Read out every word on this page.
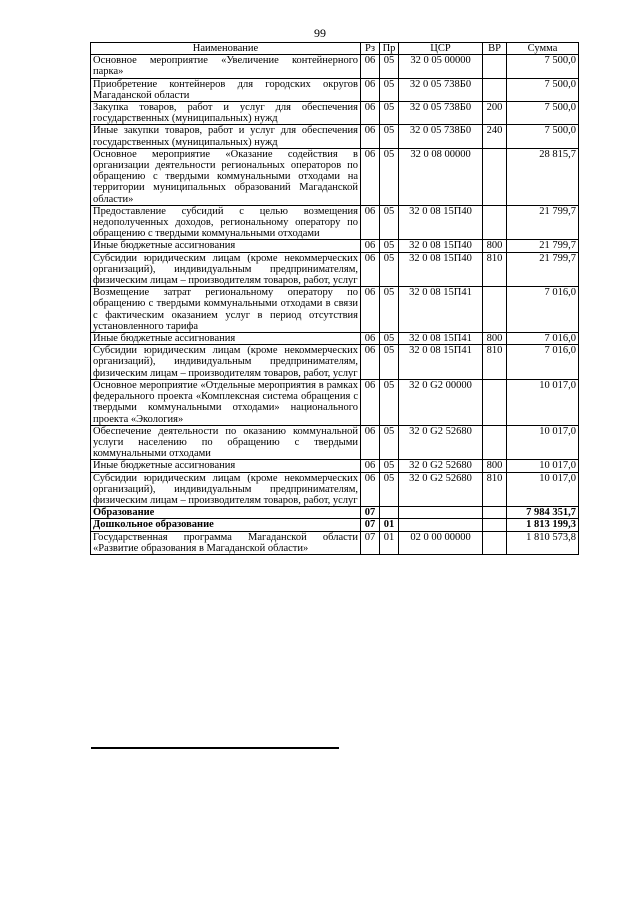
99
Наименование	Рз	Пр	ЦСР	ВР	Сумма
Основное мероприятие «Увеличение контейнерного парка»	06	05	32 0 05 00000		7 500,0
Приобретение контейнеров для городских округов Магаданской области	06	05	32 0 05 738Б0		7 500,0
Закупка товаров, работ и услуг для обеспечения государственных (муниципальных) нужд	06	05	32 0 05 738Б0	200	7 500,0
Иные закупки товаров, работ и услуг для обеспечения государственных (муниципальных) нужд	06	05	32 0 05 738Б0	240	7 500,0
Основное мероприятие «Оказание содействия в организации деятельности региональных операторов по обращению с твердыми коммунальными отходами на территории муниципальных образований Магаданской области»	06	05	32 0 08 00000		28 815,7
Предоставление субсидий с целью возмещения недополученных доходов, региональному оператору по обращению с твердыми коммунальными отходами	06	05	32 0 08 15П40		21 799,7
Иные бюджетные ассигнования	06	05	32 0 08 15П40	800	21 799,7
Субсидии юридическим лицам (кроме некоммерческих организаций), индивидуальным предпринимателям, физическим лицам – производителям товаров, работ, услуг	06	05	32 0 08 15П40	810	21 799,7
Возмещение затрат региональному оператору по обращению с твердыми коммунальными отходами в связи с фактическим оказанием услуг в период отсутствия установленного тарифа	06	05	32 0 08 15П41		7 016,0
Иные бюджетные ассигнования	06	05	32 0 08 15П41	800	7 016,0
Субсидии юридическим лицам (кроме некоммерческих организаций), индивидуальным предпринимателям, физическим лицам – производителям товаров, работ, услуг	06	05	32 0 08 15П41	810	7 016,0
Основное мероприятие «Отдельные мероприятия в рамках федерального проекта «Комплексная система обращения с твердыми коммунальными отходами» национального проекта «Экология»	06	05	32 0 G2 00000		10 017,0
Обеспечение деятельности по оказанию коммунальной услуги населению по обращению с твердыми коммунальными отходами	06	05	32 0 G2 52680		10 017,0
Иные бюджетные ассигнования	06	05	32 0 G2 52680	800	10 017,0
Субсидии юридическим лицам (кроме некоммерческих организаций), индивидуальным предпринимателям, физическим лицам – производителям товаров, работ, услуг	06	05	32 0 G2 52680	810	10 017,0
Образование	07				7 984 351,7
Дошкольное образование	07	01			1 813 199,3
Государственная программа Магаданской области «Развитие образования в Магаданской области»	07	01	02 0 00 00000		1 810 573,8
